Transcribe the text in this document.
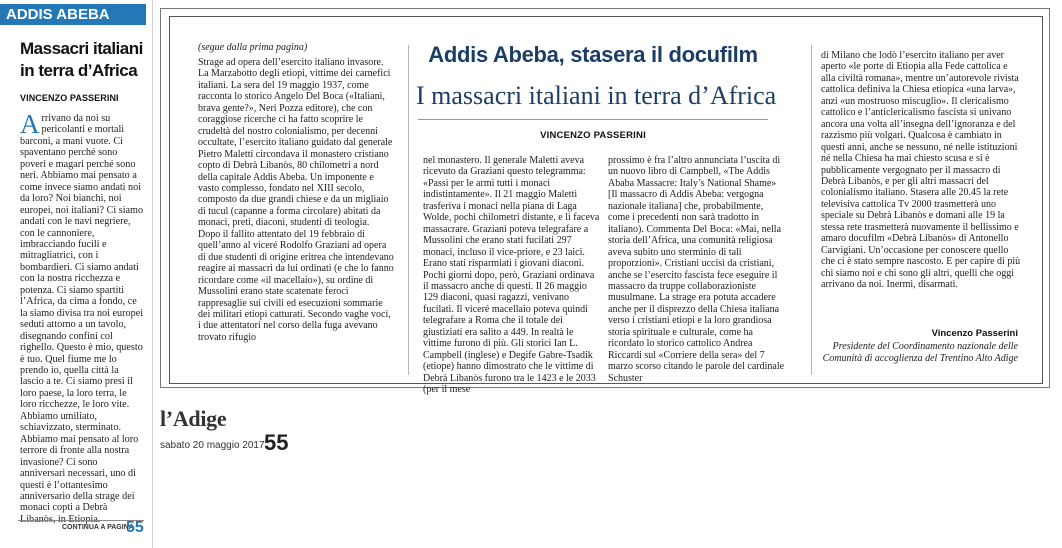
ADDIS ABEBA
Massacri italiani in terra d’Africa
VINCENZO PASSERINI

Arrivano da noi su pericolanti e mortali barconi, a mani vuote. Ci spaventano perché sono poveri e magari perché sono neri. Abbiamo mai pensato a come invece siamo andati noi da loro? Noi bianchi, noi europei, noi italiani? Ci siamo andati con le navi negriere, con le cannoniere, imbracciando fucili e mitragliatrici, con i bombardieri. Ci siamo andati con la nostra ricchezza e potenza. Ci siamo spartiti l’Africa, da cima a fondo, ce la siamo divisa tra noi europei seduti attorno a un tavolo, disegnando confini col righello. Questo è mio, questo è tuo. Quel fiume me lo prendo io, quella città la lascio a te. Ci siamo presi il loro paese, la loro terra, le loro ricchezze, le loro vite. Abbiamo umiliato, schiavizzato, sterminato. Abbiamo mai pensato al loro terrore di fronte alla nostra invasione? Ci sono anniversari necessari, uno di questi è l’ottantesimo anniversario della strage dei monaci copti a Debrà

CONTINUA A PAGINA
55
(segue dalla prima pagina)

Strage ad opera dell’esercito italiano invasore. La Marzabotto degli etiopi, vittime dei carnefici italiani. La sera del 19 maggio 1937, come racconta lo storico Angelo Del Boca («Italiani, brava gente?», Neri Pozza editore), che con coraggiose ricerche ci ha fatto scoprire le crudeltà del nostro colonialismo, per decenni occultate, l’esercito italiano guidato dal generale Pietro Maletti circondava il monastero cristiano copto di Debrà Libanòs, 80 chilometri a nord della capitale Addis Abeba. Un imponente e vasto complesso, fondato nel XIII secolo, composto da due grandi chiese e da un migliaio di tucul (capanne a forma circolare) abitati da monaci, preti, diaconi, studenti di teologia. Dopo il fallito attentato del 19 febbraio di quell’anno al viceré Rodolfo Graziani ad opera di due studenti di origine eritrea che intendevano reagire ai massacri da lui ordinati (e che lo fanno ricordare come «il macellaio»), su ordine di Mussolini erano state scatenate feroci rappresaglie sui civili ed esecuzioni sommarie dei militari etiopi catturati. Secondo vaghe voci, i due attentatori nel corso della fuga avevano trovato rifugio

Addis Abeba, stasera il docufilm
I massacri italiani in terra d’Africa
VINCENZO PASSERINI

nel monastero. Il generale Maletti aveva ricevuto da Graziani questo telegramma: «Passi per le armi tutti i monaci indistintamente». Il 21 maggio Maletti trasferiva i monaci nella piana di Laga Wolde, pochi chilometri distante, e li faceva massacrare. Graziani poteva telegrafare a Mussolini che erano stati fucilati 297 monaci, incluso il vice-priore, e 23 laici. Erano stati risparmiati i giovani diaconi. Pochi giorni dopo, però, Graziani ordinava il massacro anche di questi. Il 26 maggio 129 diaconi, quasi ragazzi, venivano fucilati. Il viceré macellaio poteva quindi telegrafare a Roma che il totale dei giustiziati era salito a 449. In realtà le vittime furono di più. Gli storici Ian L. Campbell (inglese) e Degife Gabre-Tsadik (etiope) hanno dimostrato che le vittime di Debrà Libanòs furono tra le 1423 e le 2033 (per il mese

prossimo è fra l’altro annunciata l’uscita di un nuovo libro di Campbell, «The Addis Ababa Massacre: Italy’s National Shame» [Il massacro di Addis Abeba: vergogna nazionale italiana] che, probabilmente, come i precedenti non sarà tradotto in italiano). Commenta Del Boca: «Mai, nella storia dell’Africa, una comunità religiosa aveva subito uno sterminio di tali proporzioni». Cristiani uccisi da cristiani, anche se l’esercito fascista fece eseguire il massacro da truppe collaborazioniste musulmane. La strage era potuta accadere anche per il disprezzo della Chiesa italiana verso i cristiani etiopi e la loro grandiosa storia spirituale e culturale, come ha ricordato lo storico cattolico Andrea Riccardi sul «Corriere della sera» del 7 marzo scorso citando le parole del cardinale Schuster

di Milano che lodò l’esercito italiano per aver aperto «le porte di Etiopia alla Fede cattolica e alla civiltà romana», mentre un’autorevole rivista cattolica definiva la Chiesa etiopica «una larva», anzi «un mostruoso miscuglio». Il clericalismo cattolico e l’anticlericalismo fascista si univano ancora una volta all’insegna dell’ignoranza e del razzismo più volgari. Qualcosa è cambiato in questi anni, anche se nessuno, né nelle istituzioni né nella Chiesa ha mai chiesto scusa e si è pubblicamente vergognato per il massacro di Debrà Libanòs, e per gli altri massacri del colonialismo italiano. Stasera alle 20.45 la rete televisiva cattolica Tv 2000 trasmetterà uno speciale su Debrà Libanòs e domani alle 19 la stessa rete trasmetterà nuovamente il bellissimo e amaro docufilm «Debrà Libanòs» di Antonello Carvigiani. Un’occasione per conoscere quello che ci è stato sempre nascosto. E per capire di più chi siamo noi e chi sono gli altri, quelli che oggi arrivano da noi. Inermi, disarmati.

Vincenzo Passerini

Presidente del Coordinamento nazionale delle Comunità di accoglienza del Trentino Alto Adige

l’Adige
sabato 20 maggio 2017 55
